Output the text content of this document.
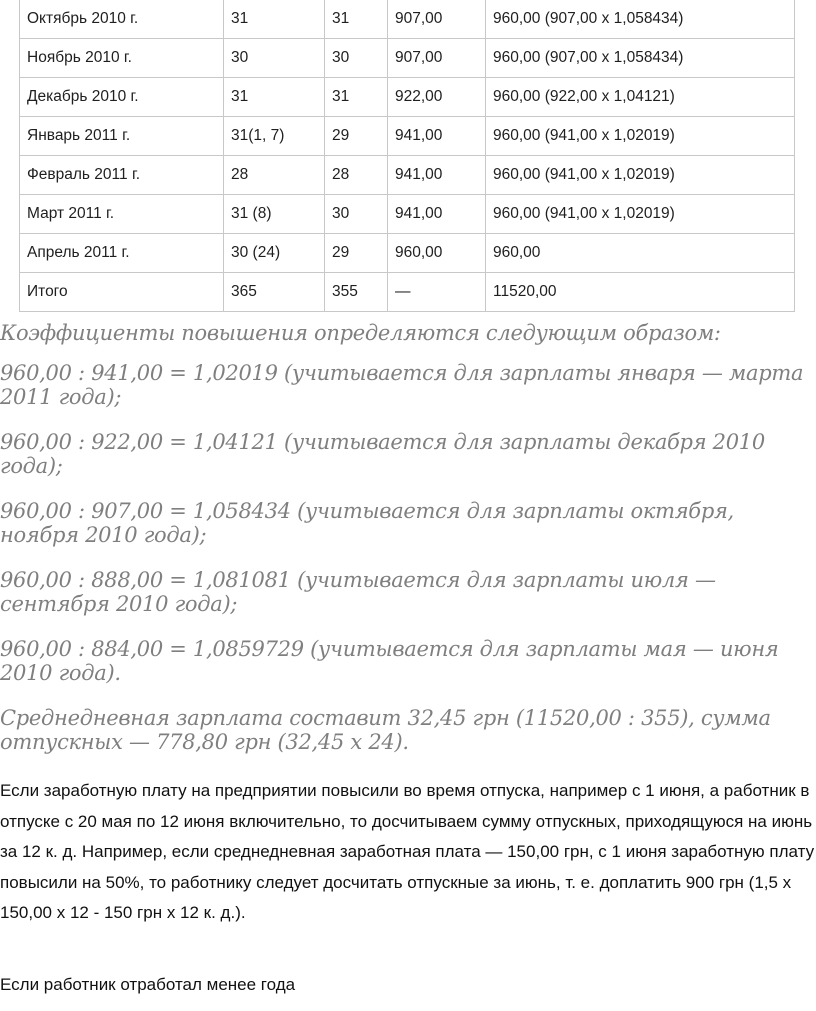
Октябрь 2010 г.	31	31	907,00	960,00 (907,00 х 1,058434)
Ноябрь 2010 г.	30	30	907,00	960,00 (907,00 х 1,058434)
Декабрь 2010 г.	31	31	922,00	960,00 (922,00 х 1,04121)
Январь 2011 г.	31(1, 7)	29	941,00	960,00 (941,00 х 1,02019)
Февраль 2011 г.	28	28	941,00	960,00 (941,00 х 1,02019)
Март 2011 г.	31 (8)	30	941,00	960,00 (941,00 х 1,02019)
Апрель 2011 г.	30 (24)	29	960,00	960,00
Итого	365	355	—	11520,00

Коэффициенты повышения определяются следующим образом:

960,00 : 941,00 = 1,02019 (учитывается для зарплаты января — марта 2011 года);

960,00 : 922,00 = 1,04121 (учитывается для зарплаты декабря 2010 года);

960,00 : 907,00 = 1,058434 (учитывается для зарплаты октября, ноября 2010 года);

960,00 : 888,00 = 1,081081 (учитывается для зарплаты июля — сентября 2010 года);

960,00 : 884,00 = 1,0859729 (учитывается для зарплаты мая — июня 2010 года).

Среднедневная зарплата составит 32,45 грн (11520,00 : 355), сумма отпускных — 778,80 грн (32,45 х 24).

Если заработную плату на предприятии повысили во время отпуска, например с 1 июня, а работник в отпуске с 20 мая по 12 июня включительно, то досчитываем сумму отпускных, приходящуюся на июнь за 12 к. д. Например, если среднедневная заработная плата — 150,00 грн, с 1 июня заработную плату повысили на 50%, то работнику следует досчитать отпускные за июнь, т. е. доплатить 900 грн (1,5 х 150,00 х 12 - 150 грн х 12 к. д.).

Если работник отработал менее года
